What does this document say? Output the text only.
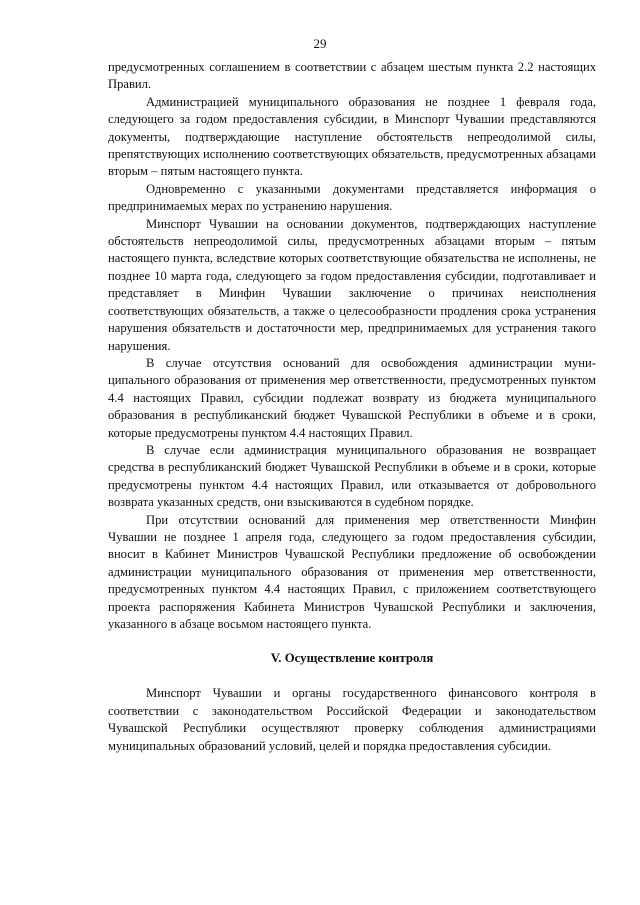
29

предусмотренных соглашением в соответствии с абзацем шестым пункта 2.2 настоящих Правил.

Администрацией муниципального образования не позднее 1 февраля года, следующего за годом предоставления субсидии, в Минспорт Чувашии представляются документы, подтверждающие наступление обстоятельств непреодолимой силы, препятствующих исполнению соответствующих обязательств, предусмотренных абзацами вторым – пятым настоящего пункта.

Одновременно с указанными документами представляется информация о предпринимаемых мерах по устранению нарушения.

Минспорт Чувашии на основании документов, подтверждающих наступление обстоятельств непреодолимой силы, предусмотренных абзацами вторым – пятым настоящего пункта, вследствие которых соответствующие обязательства не исполнены, не позднее 10 марта года, следующего за годом предоставления субсидии, подготавливает и представляет в Минфин Чувашии заключение о причинах неисполнения соответствующих обязательств, а также о целесообразности продления срока устранения нарушения обязательств и достаточности мер, предпринимаемых для устранения такого нарушения.

В случае отсутствия оснований для освобождения администрации муниципального образования от применения мер ответственности, предусмотренных пунктом 4.4 настоящих Правил, субсидии подлежат возврату из бюджета муниципального образования в республиканский бюджет Чувашской Республики в объеме и в сроки, которые предусмотрены пунктом 4.4 настоящих Правил.

В случае если администрация муниципального образования не возвращает средства в республиканский бюджет Чувашской Республики в объеме и в сроки, которые предусмотрены пунктом 4.4 настоящих Правил, или отказывается от добровольного возврата указанных средств, они взыскиваются в судебном порядке.

При отсутствии оснований для применения мер ответственности Минфин Чувашии не позднее 1 апреля года, следующего за годом предоставления субсидии, вносит в Кабинет Министров Чувашской Республики предложение об освобождении администрации муниципального образования от применения мер ответственности, предусмотренных пунктом 4.4 настоящих Правил, с приложением соответствующего проекта распоряжения Кабинета Министров Чувашской Республики и заключения, указанного в абзаце восьмом настоящего пункта.

V. Осуществление контроля

Минспорт Чувашии и органы государственного финансового контроля в соответствии с законодательством Российской Федерации и законодательством Чувашской Республики осуществляют проверку соблюдения администрациями муниципальных образований условий, целей и порядка предоставления субсидии.
